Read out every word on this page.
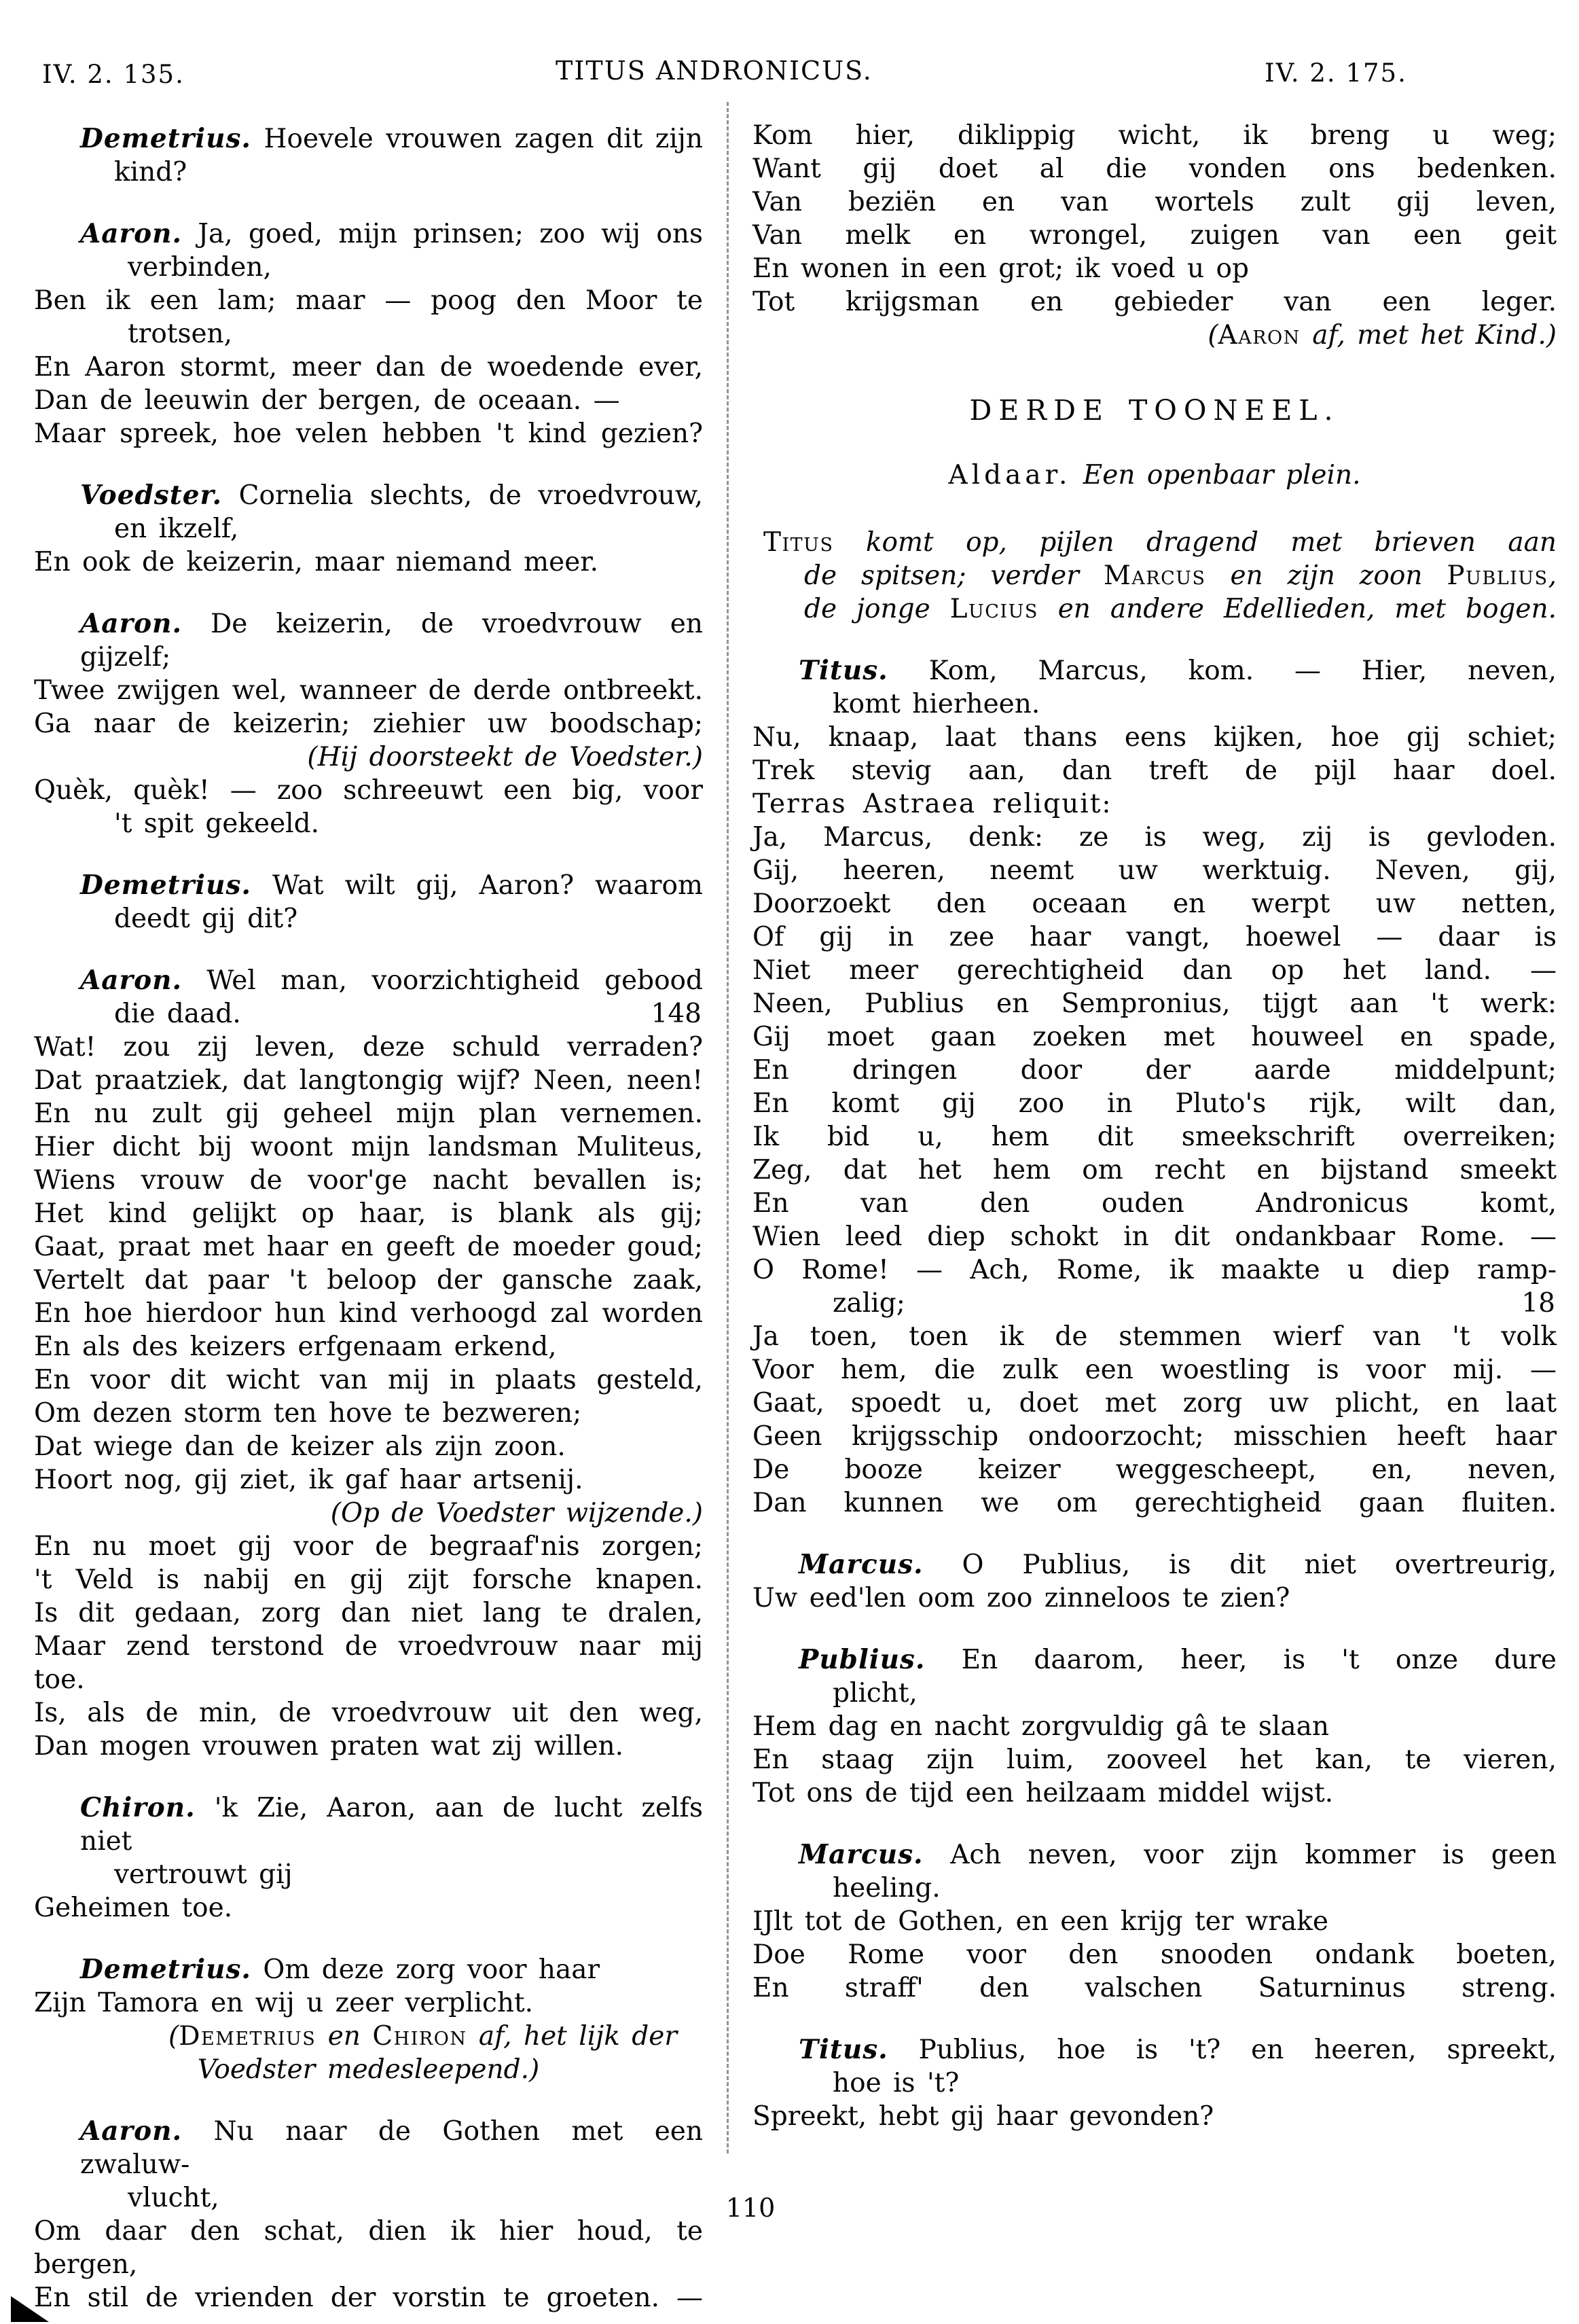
IV. 2. 135.	TITUS ANDRONICUS.	IV. 2. 175.
Demetrius. Hoevele vrouwen zagen dit zijn
kind?
Aaron. Ja, goed, mijn prinsen; zoo wij ons
verbinden,
Ben ik een lam; maar — poog den Moor te
trotsen,
En Aaron stormt, meer dan de woedende ever,
Dan de leeuwin der bergen, de oceaan. —
Maar spreek, hoe velen hebben 't kind gezien?
Voedster. Cornelia slechts, de vroedvrouw,
en ikzelf,
En ook de keizerin, maar niemand meer.
Aaron. De keizerin, de vroedvrouw en gijzelf;
Twee zwijgen wel, wanneer de derde ontbreekt.
Ga naar de keizerin; ziehier uw boodschap;
(Hij doorsteekt de Voedster.)
Quèk, quèk! — zoo schreeuwt een big, voor
't spit gekeeld.
Demetrius. Wat wilt gij, Aaron? waarom
deedt gij dit?
Aaron. Wel man, voorzichtigheid gebood
die daad.	148
Wat! zou zij leven, deze schuld verraden?
Dat praatziek, dat langtongig wijf? Neen, neen!
En nu zult gij geheel mijn plan vernemen.
Hier dicht bij woont mijn landsman Muliteus,
Wiens vrouw de voor'ge nacht bevallen is;
Het kind gelijkt op haar, is blank als gij;
Gaat, praat met haar en geeft de moeder goud;
Vertelt dat paar 't beloop der gansche zaak,
En hoe hierdoor hun kind verhoogd zal worden
En als des keizers erfgenaam erkend,
En voor dit wicht van mij in plaats gesteld,
Om dezen storm ten hove te bezweren;
Dat wiege dan de keizer als zijn zoon.
Hoort nog, gij ziet, ik gaf haar artsenij.
(Op de Voedster wijzende.)
En nu moet gij voor de begraaf'nis zorgen;
't Veld is nabij en gij zijt forsche knapen.
Is dit gedaan, zorg dan niet lang te dralen,
Maar zend terstond de vroedvrouw naar mij toe.
Is, als de min, de vroedvrouw uit den weg,
Dan mogen vrouwen praten wat zij willen.
Chiron. 'k Zie, Aaron, aan de lucht zelfs niet
vertrouwt gij
Geheimen toe.
Demetrius. Om deze zorg voor haar
Zijn Tamora en wij u zeer verplicht.
(Demetrius en Chiron af, het lijk der
Voedster medesleepend.)
Aaron. Nu naar de Gothen met een zwaluw-
vlucht,
Om daar den schat, dien ik hier houd, te bergen,
En stil de vrienden der vorstin te groeten. —
Kom hier, diklippig wicht, ik breng u weg;
Want gij doet al die vonden ons bedenken.
Van beziën en van wortels zult gij leven,
Van melk en wrongel, zuigen van een geit
En wonen in een grot; ik voed u op
Tot krijgsman en gebieder van een leger.
(Aaron af, met het Kind.)
DERDE TOONEEL.
Aldaar. Een openbaar plein.
Titus komt op, pijlen dragend met brieven aan
de spitsen; verder Marcus en zijn zoon Publius,
de jonge Lucius en andere Edellieden, met bogen.
Titus. Kom, Marcus, kom. — Hier, neven,
komt hierheen.
Nu, knaap, laat thans eens kijken, hoe gij schiet;
Trek stevig aan, dan treft de pijl haar doel.
Terras Astraea reliquit:
Ja, Marcus, denk: ze is weg, zij is gevloden.
Gij, heeren, neemt uw werktuig. Neven, gij,
Doorzoekt den oceaan en werpt uw netten,
Of gij in zee haar vangt, hoewel — daar is
Niet meer gerechtigheid dan op het land. —
Neen, Publius en Sempronius, tijgt aan 't werk:
Gij moet gaan zoeken met houweel en spade,
En dringen door der aarde middelpunt;
En komt gij zoo in Pluto's rijk, wilt dan,
Ik bid u, hem dit smeekschrift overreiken;
Zeg, dat het hem om recht en bijstand smeekt
En van den ouden Andronicus komt,
Wien leed diep schokt in dit ondankbaar Rome. —
O Rome! — Ach, Rome, ik maakte u diep ramp-
zalig;	18
Ja toen, toen ik de stemmen wierf van 't volk
Voor hem, die zulk een woestling is voor mij. —
Gaat, spoedt u, doet met zorg uw plicht, en laat
Geen krijgsschip ondoorzocht; misschien heeft haar
De booze keizer weggescheept, en, neven,
Dan kunnen we om gerechtigheid gaan fluiten.
Marcus. O Publius, is dit niet overtreurig,
Uw eed'len oom zoo zinneloos te zien?
Publius. En daarom, heer, is 't onze dure
plicht,
Hem dag en nacht zorgvuldig gâ te slaan
En staag zijn luim, zooveel het kan, te vieren,
Tot ons de tijd een heilzaam middel wijst.
Marcus. Ach neven, voor zijn kommer is geen
heeling.
IJlt tot de Gothen, en een krijg ter wrake
Doe Rome voor den snooden ondank boeten,
En straff' den valschen Saturninus streng.
Titus. Publius, hoe is 't? en heeren, spreekt,
hoe is 't?
Spreekt, hebt gij haar gevonden?
110
